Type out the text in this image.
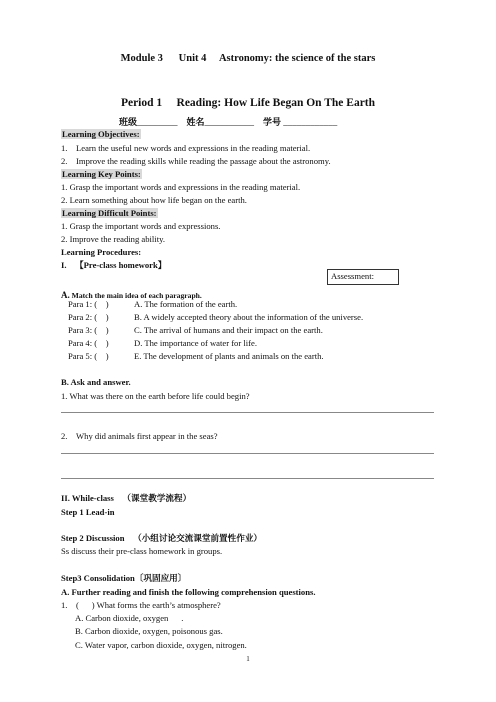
Module 3  Unit 4  Astronomy: the science of the stars
Period 1  Reading: How Life Began On The Earth
班级_________ 姓名___________ 学号 ____________
Learning Objectives:
1. Learn the useful new words and expressions in the reading material.
2. Improve the reading skills while reading the passage about the astronomy.
Learning Key Points:
1. Grasp the important words and expressions in the reading material.
2. Learn something about how life began on the earth.
Learning Difficult Points:
1. Grasp the important words and expressions.
2. Improve the reading ability.
Learning Procedures:
I. 【Pre-class homework】
Assessment:
A. Match the main idea of each paragraph.
Para 1: (  )	A. The formation of the earth.
Para 2: (  )	B. A widely accepted theory about the information of the universe.
Para 3: (  )	C. The arrival of humans and their impact on the earth.
Para 4: (  )	D. The importance of water for life.
Para 5: (  )	E. The development of plants and animals on the earth.
B. Ask and answer.
1. What was there on the earth before life could begin?
2. Why did animals first appear in the seas?
II. While-class （课堂教学流程）
Step 1 Lead-in
Step 2 Discussion （小组讨论交流课堂前置性作业）
Ss discuss their pre-class homework in groups.
Step3 Consolidation〔巩固应用〕
A. Further reading and finish the following comprehension questions.
1. (  ) What forms the earth’s atmosphere?
A. Carbon dioxide, oxygen  .
B. Carbon dioxide, oxygen, poisonous gas.
C. Water vapor, carbon dioxide, oxygen, nitrogen.
1
